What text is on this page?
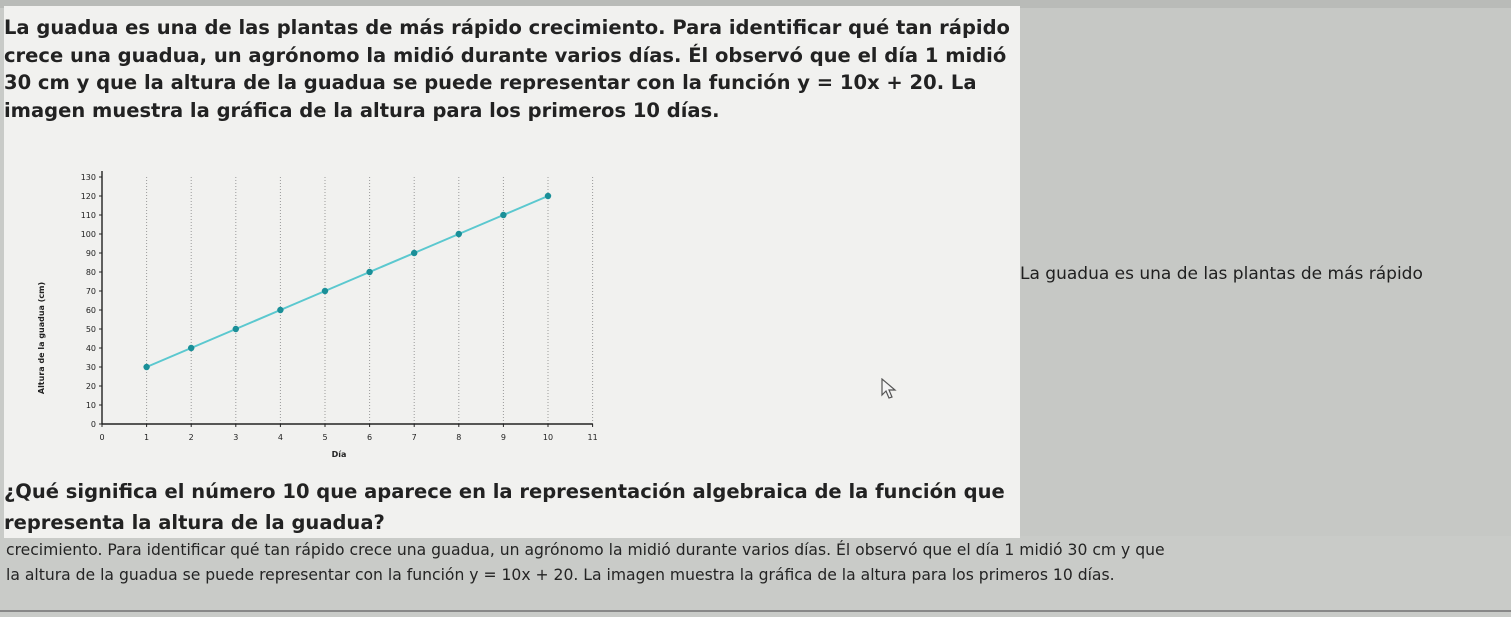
La guadua es una de las plantas de más rápido crecimiento. Para identificar qué tan rápido crece una guadua, un agrónomo la midió durante varios días. Él observó que el día 1 midió 30 cm y que la altura de la guadua se puede representar con la función y = 10x + 20. La imagen muestra la gráfica de la altura para los primeros 10 días.

0
10
20
30
40
50
60
70
80
90
100
110
120
130
0	1	2	3	4	5	6	7	8	9	10	11
Día
Altura de la guadua (cm)
La guadua es una de las plantas de más rápido

¿Qué significa el número 10 que aparece en la representación algebraica de la función que representa la altura de la guadua?

crecimiento. Para identificar qué tan rápido crece una guadua, un agrónomo la midió durante varios días. Él observó que el día 1 midió 30 cm y que
la altura de la guadua se puede representar con la función y = 10x + 20. La imagen muestra la gráfica de la altura para los primeros 10 días.
